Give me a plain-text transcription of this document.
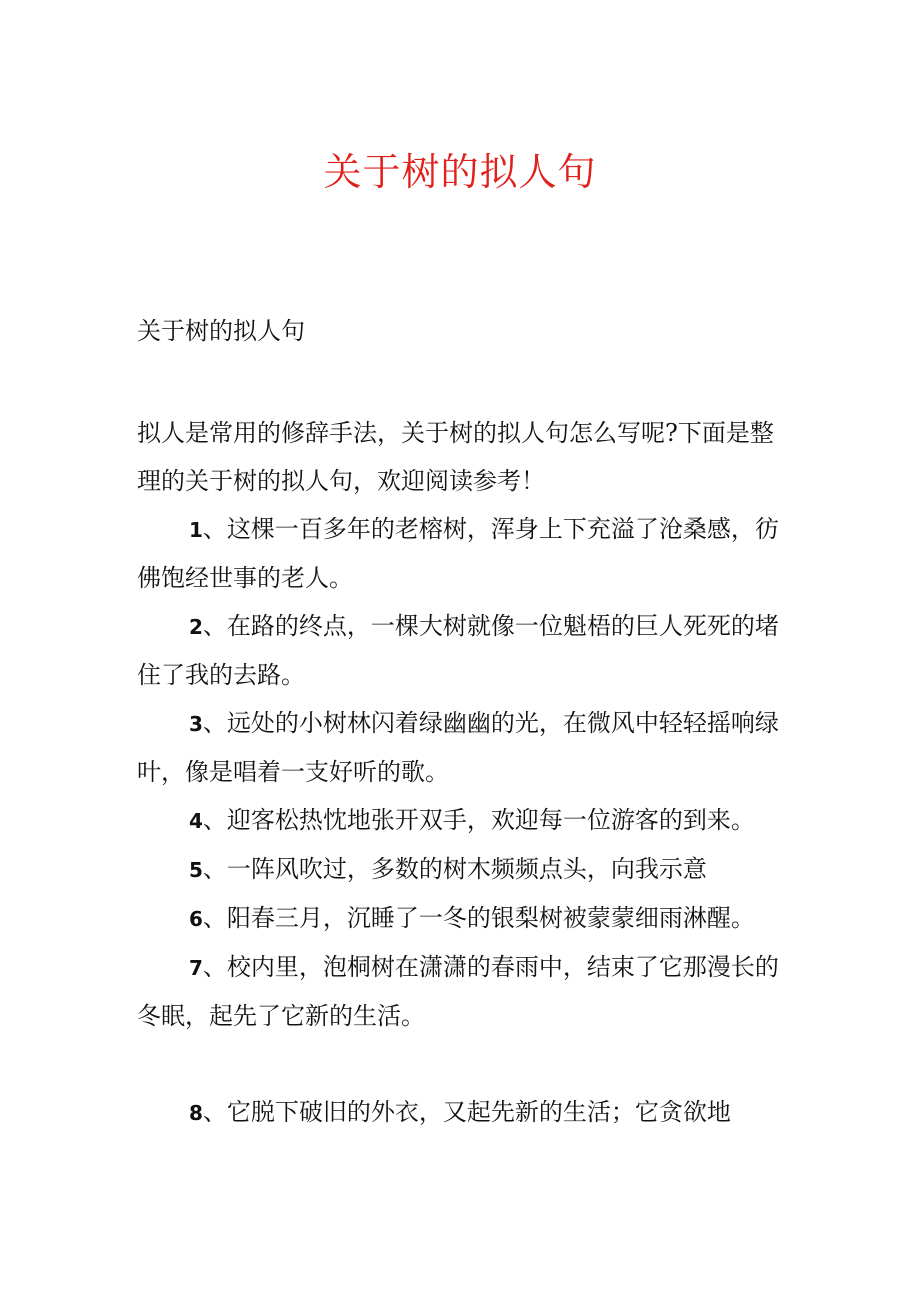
关于树的拟人句

关于树的拟人句

拟人是常用的修辞手法，关于树的拟人句怎么写呢?下面是整理的关于树的拟人句，欢迎阅读参考！

1、这棵一百多年的老榕树，浑身上下充溢了沧桑感，彷佛饱经世事的老人。

2、在路的终点，一棵大树就像一位魁梧的巨人死死的堵住了我的去路。

3、远处的小树林闪着绿幽幽的光，在微风中轻轻摇响绿叶，像是唱着一支好听的歌。

4、迎客松热忱地张开双手，欢迎每一位游客的到来。

5、一阵风吹过，多数的树木频频点头，向我示意

6、阳春三月，沉睡了一冬的银梨树被蒙蒙细雨淋醒。

7、校内里，泡桐树在潇潇的春雨中，结束了它那漫长的冬眠，起先了它新的生活。

8、它脱下破旧的外衣，又起先新的生活；它贪欲地
